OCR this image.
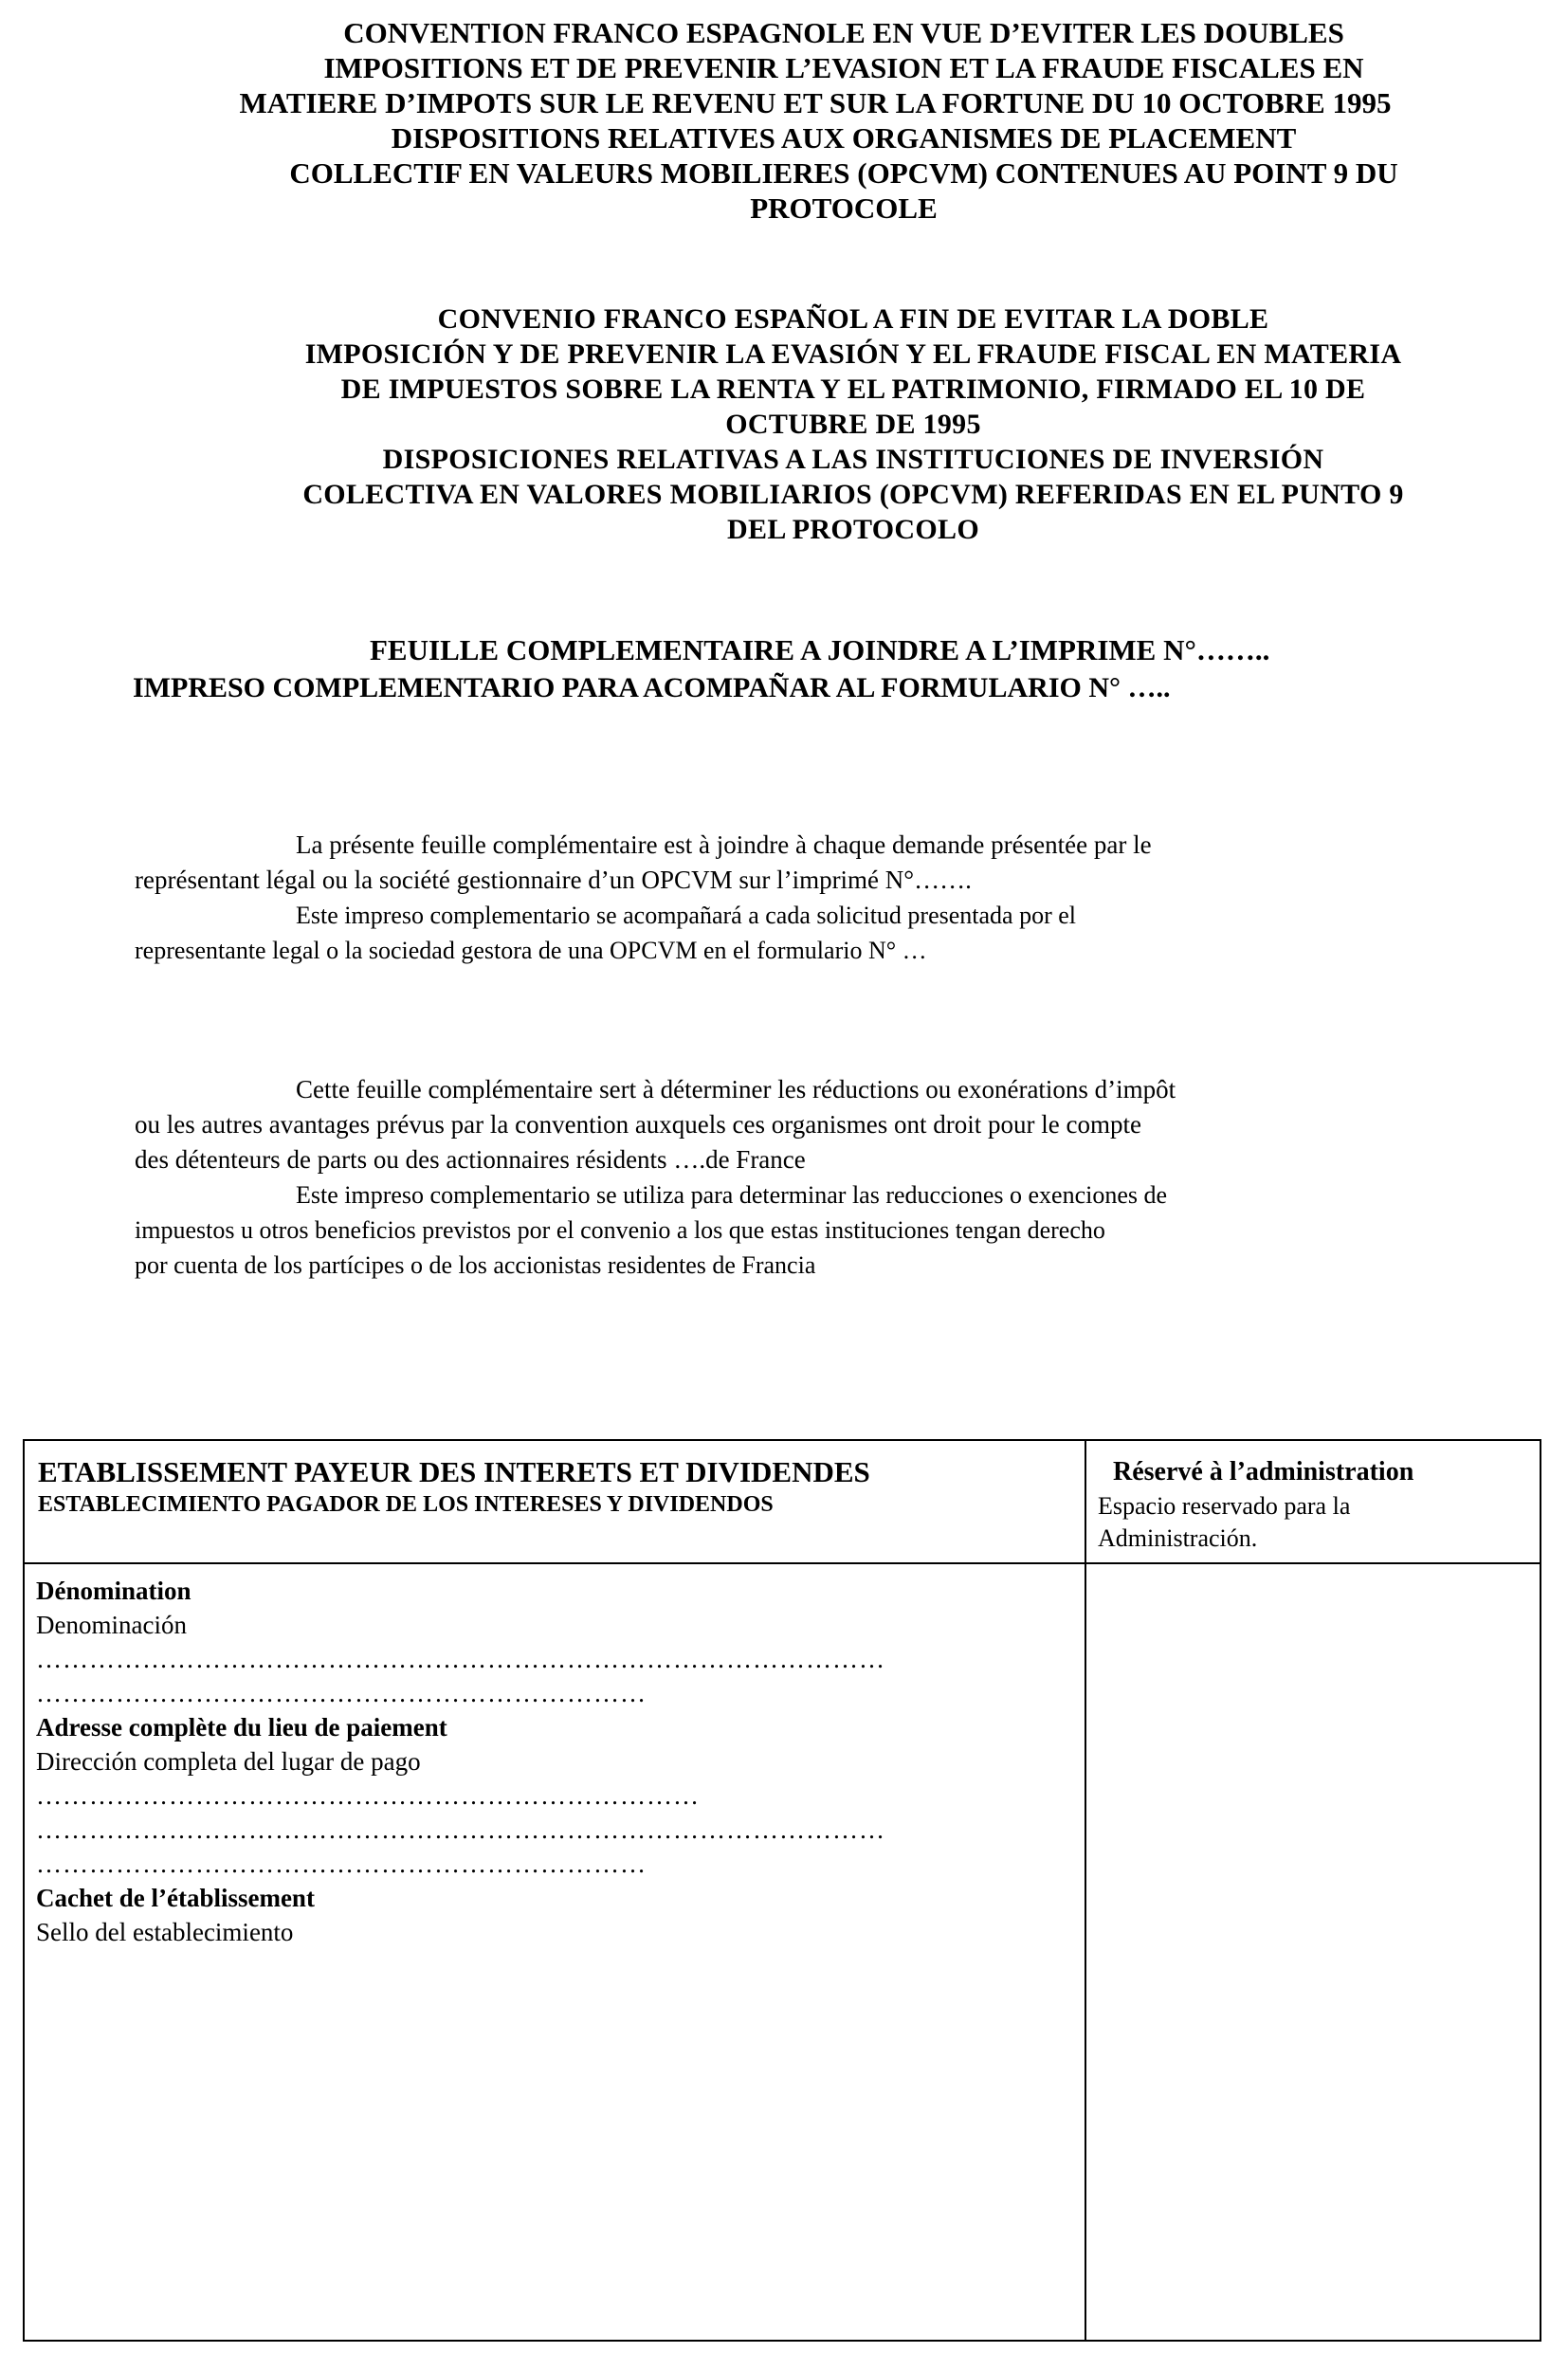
CONVENTION FRANCO ESPAGNOLE EN VUE D’EVITER LES DOUBLES
IMPOSITIONS ET DE PREVENIR L’EVASION ET LA FRAUDE FISCALES EN
MATIERE D’IMPOTS SUR LE REVENU ET SUR LA FORTUNE DU 10 OCTOBRE 1995
DISPOSITIONS RELATIVES AUX ORGANISMES DE PLACEMENT
COLLECTIF EN VALEURS MOBILIERES (OPCVM) CONTENUES AU POINT 9 DU
PROTOCOLE
CONVENIO FRANCO ESPAÑOL A FIN DE EVITAR LA DOBLE
IMPOSICIÓN Y DE PREVENIR LA EVASIÓN Y EL FRAUDE FISCAL EN MATERIA
DE IMPUESTOS SOBRE LA RENTA Y EL PATRIMONIO, FIRMADO EL 10 DE
OCTUBRE DE 1995
DISPOSICIONES RELATIVAS A LAS INSTITUCIONES DE INVERSIÓN
COLECTIVA EN VALORES MOBILIARIOS (OPCVM) REFERIDAS EN EL PUNTO 9
DEL PROTOCOLO
FEUILLE COMPLEMENTAIRE A JOINDRE A L’IMPRIME N°……..
IMPRESO COMPLEMENTARIO PARA ACOMPAÑAR AL FORMULARIO N° …..
La présente feuille complémentaire est à joindre à chaque demande présentée par le
représentant légal ou la société gestionnaire d’un OPCVM sur l’imprimé N°…….
Este impreso complementario se acompañará a cada solicitud presentada por el
representante legal o la sociedad gestora de una OPCVM en el formulario N° …
Cette feuille complémentaire sert à déterminer les réductions ou exonérations d’impôt
ou les autres avantages prévus par la convention auxquels ces organismes ont droit pour le compte
des détenteurs de parts ou des actionnaires résidents ….de France
Este impreso complementario se utiliza para determinar las reducciones o exenciones de
impuestos u otros beneficios previstos por el convenio a los que estas instituciones tengan derecho
por cuenta de los partícipes o de los accionistas residentes de Francia
ETABLISSEMENT PAYEUR DES INTERETS ET DIVIDENDES
ESTABLECIMIENTO PAGADOR DE LOS INTERESES Y DIVIDENDOS
Réservé à l’administration
Espacio reservado para la
Administración.
Dénomination
Denominación
……………………………………………………………………………………
……………………………………………………………
Adresse complète du lieu de paiement
Dirección completa del lugar de pago
…………………………………………………………………
……………………………………………………………………………………
……………………………………………………………
Cachet de l’établissement
Sello del establecimiento
